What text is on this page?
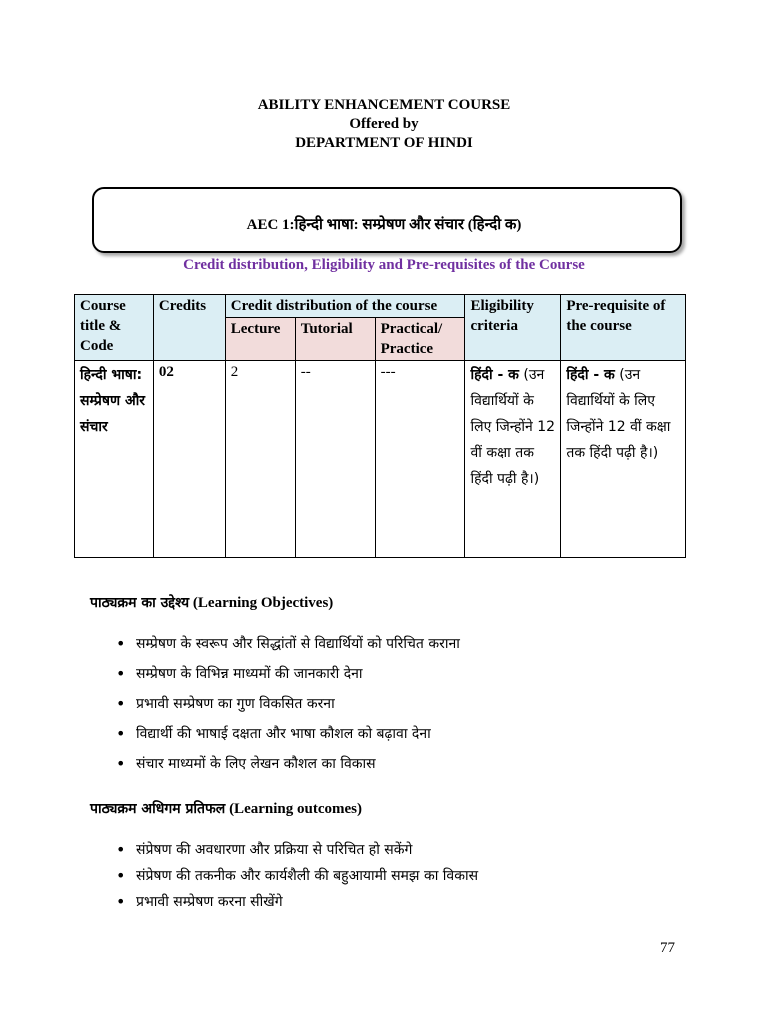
ABILITY ENHANCEMENT COURSE
Offered by
DEPARTMENT OF HINDI
AEC 1:हिन्दी भाषा: सम्प्रेषण और संचार (हिन्दी क)
Credit distribution, Eligibility and Pre-requisites of the Course
Course title & Code	Credits	Credit distribution of the course			Eligibility criteria	Pre-requisite of the course
		Lecture	Tutorial	Practical/ Practice		
हिन्दी भाषा: सम्प्रेषण और संचार	02	2	--	---	हिंदी - क (उन विद्यार्थियों के लिए जिन्होंने 12 वीं कक्षा तक हिंदी पढ़ी है।)	हिंदी - क (उन विद्यार्थियों के लिए जिन्होंने 12 वीं कक्षा तक हिंदी पढ़ी है।)
पाठ्यक्रम का उद्देश्य (Learning Objectives)
• सम्प्रेषण के स्वरूप और सिद्धांतों से विद्यार्थियों को परिचित कराना
• सम्प्रेषण के विभिन्न माध्यमों की जानकारी देना
• प्रभावी सम्प्रेषण का गुण विकसित करना
• विद्यार्थी की भाषाई दक्षता और भाषा कौशल को बढ़ावा देना
• संचार माध्यमों के लिए लेखन कौशल का विकास
पाठ्यक्रम अधिगम प्रतिफल (Learning outcomes)
• संप्रेषण की अवधारणा और प्रक्रिया से परिचित हो सकेंगे
• संप्रेषण की तकनीक और कार्यशैली की बहुआयामी समझ का विकास
• प्रभावी सम्प्रेषण करना सीखेंगे
77
